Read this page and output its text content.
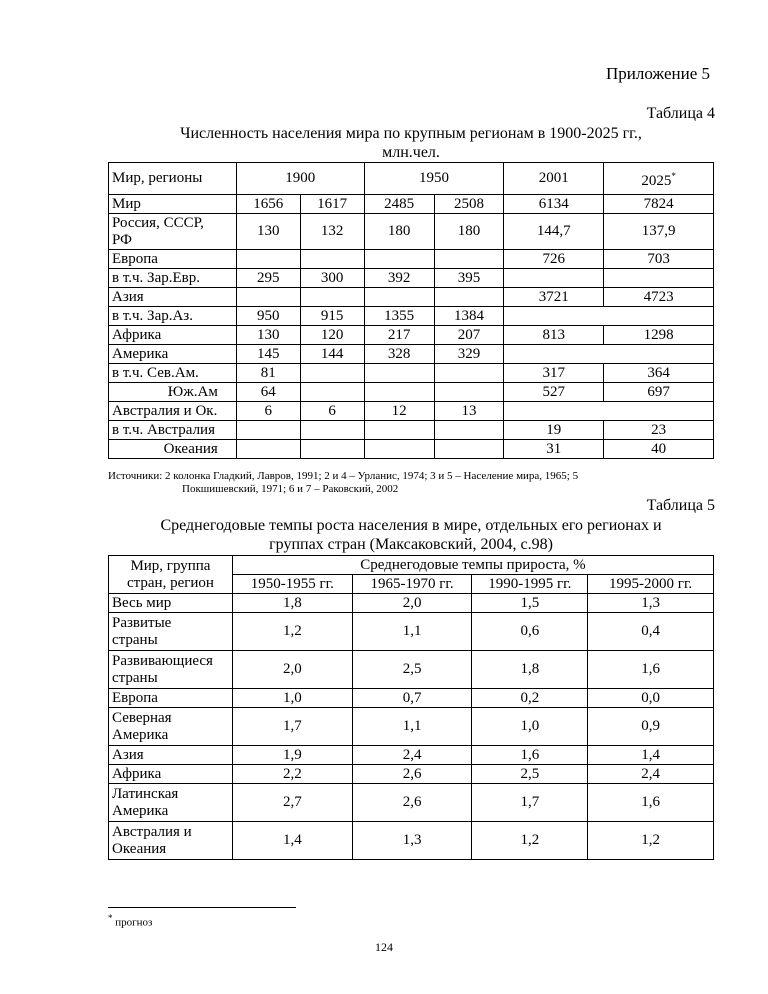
Приложение 5
Таблица 4
Численность населения мира по крупным регионам в 1900-2025 гг.,
млн.чел.
Мир, регионы	1900		1950		2001	2025*
Мир	1656	1617	2485	2508	6134	7824

Россия, СССР,
РФ	130	132	180	180	144,7	137,9
Европа					726	703
в т.ч. Зар.Евр.	295	300	392	395		
Азия					3721	4723
в т.ч. Зар.Аз.	950	915	1355	1384		
Африка	130	120	217	207	813	1298
Америка	145	144	328	329		
в т.ч. Сев.Ам.	81				317	364
Юж.Ам	64				527	697
Австралия и Ок.	6	6	12	13		
в т.ч. Австралия					19	23
Океания					31	40
Источники: 2 колонка Гладкий, Лавров, 1991; 2 и 4 – Урланис, 1974; 3 и 5 – Население мира, 1965; 5
Покшишевский, 1971; 6 и 7 – Раковский, 2002
Таблица 5
Среднегодовые темпы роста населения в мире, отдельных его регионах и
группах стран (Максаковский, 2004, с.98)
Мир, группа
стран, регион	Среднегодовые темпы прироста, %			
	1950-1955 гг.	1965-1970 гг.	1990-1995 гг.	1995-2000 гг.

Весь мир	1,8	2,0	1,5	1,3

Развитые
страны	1,2	1,1	0,6	0,4

Развивающиеся
страны	2,0	2,5	1,8	1,6

Европа	1,0	0,7	0,2	0,0

Северная
Америка	1,7	1,1	1,0	0,9

Азия	1,9	2,4	1,6	1,4

Африка	2,2	2,6	2,5	2,4

Латинская
Америка	2,7	2,6	1,7	1,6

Австралия и
Океания	1,4	1,3	1,2	1,2
* прогноз
124
